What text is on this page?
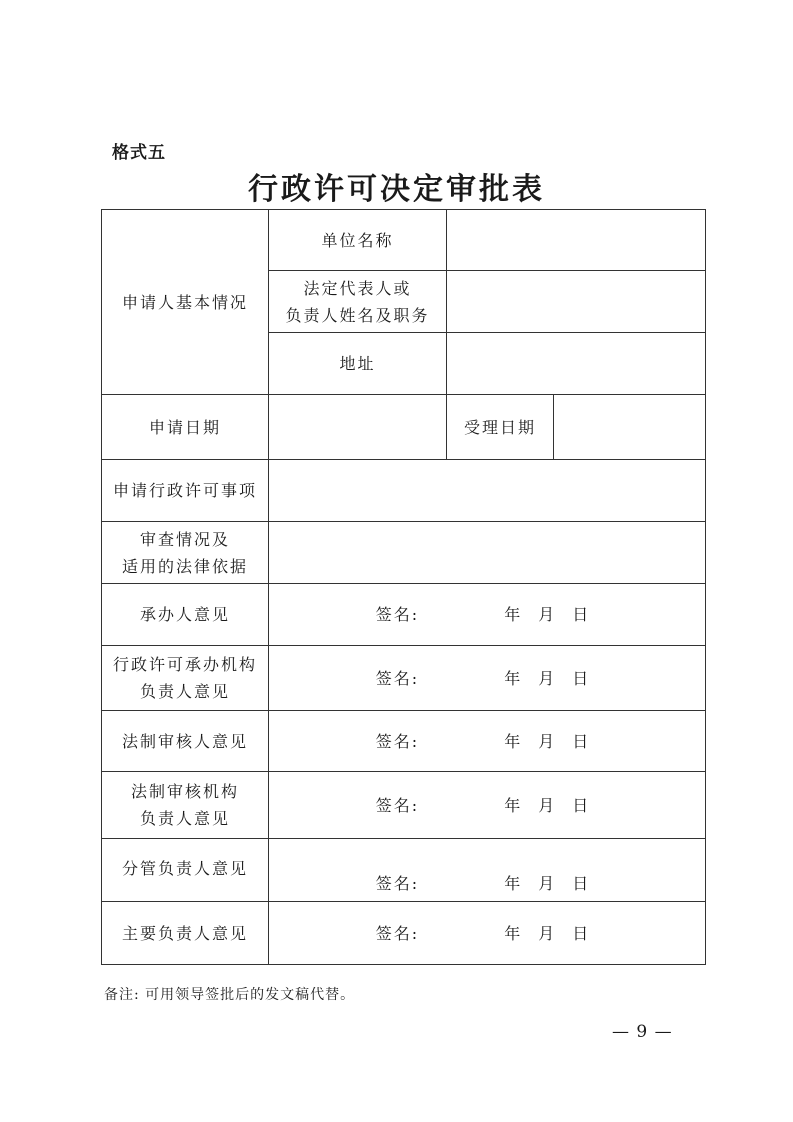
格式五
行政许可决定审批表
申请人基本情况	单位名称		

	法定代表人或
负责人姓名及职务		

	地址		
申请日期		受理日期	
申请行政许可事项			

审查情况及
适用的法律依据			

承办人意见	签名: 年 月 日		

行政许可承办机构
负责人意见	签名: 年 月 日		

法制审核人意见	签名: 年 月 日		

法制审核机构
负责人意见	签名: 年 月 日		

分管负责人意见	签名: 年 月 日		

主要负责人意见	签名: 年 月 日		
备注: 可用领导签批后的发文稿代替。
— 9 —
